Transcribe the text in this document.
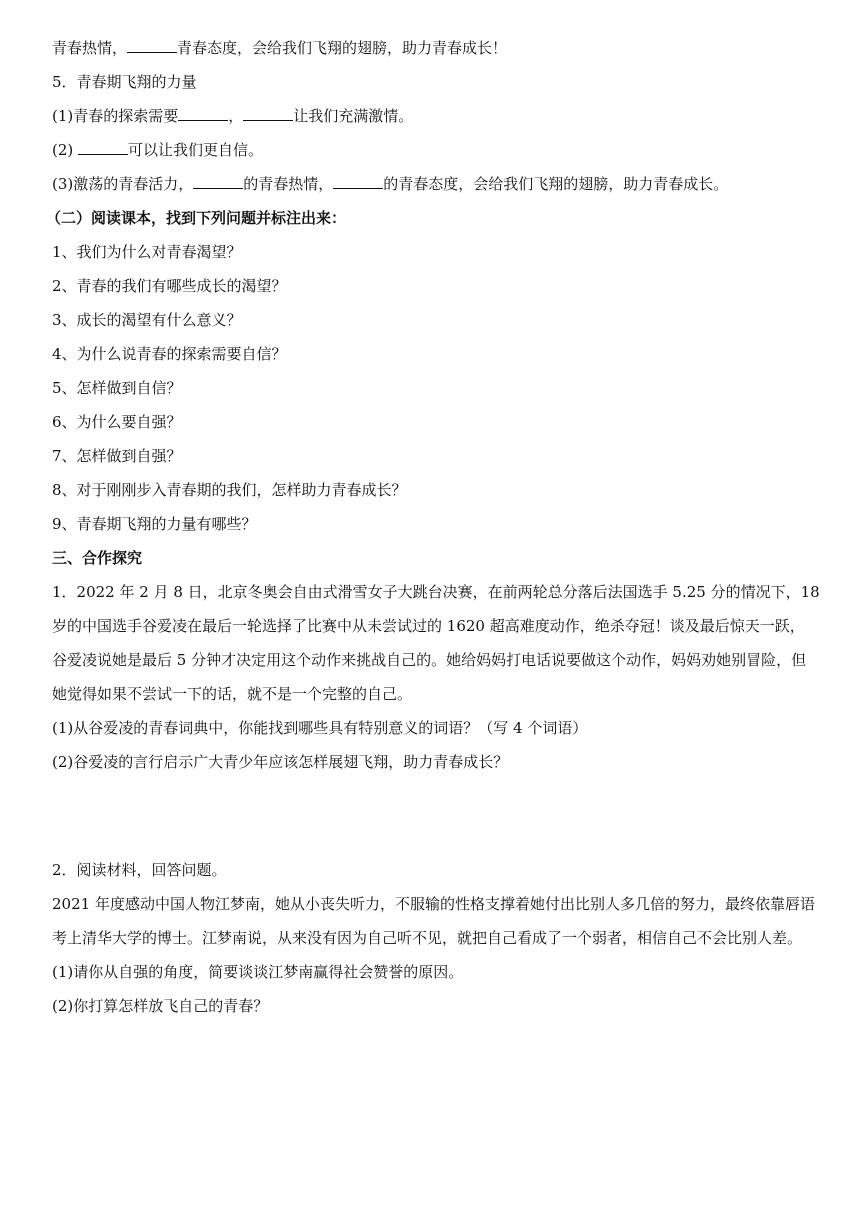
青春热情，	青春态度，会给我们飞翔的翅膀，助力青春成长！
5．青春期飞翔的力量
(1)青春的探索需要	，	让我们充满激情。
(2)	可以让我们更自信。
(3)激荡的青春活力，	的青春热情，	的青春态度，会给我们飞翔的翅膀，助力青春成长。
（二）阅读课本，找到下列问题并标注出来：
1、我们为什么对青春渴望？
2、青春的我们有哪些成长的渴望？
3、成长的渴望有什么意义？
4、为什么说青春的探索需要自信？
5、怎样做到自信？
6、为什么要自强？
7、怎样做到自强？
8、对于刚刚步入青春期的我们，怎样助力青春成长？
9、青春期飞翔的力量有哪些？
三、合作探究
1．2022 年 2 月 8 日，北京冬奥会自由式滑雪女子大跳台决赛，在前两轮总分落后法国选手 5.25 分的情况下，18
岁的中国选手谷爱凌在最后一轮选择了比赛中从未尝试过的 1620 超高难度动作，绝杀夺冠！谈及最后惊天一跃，
谷爱凌说她是最后 5 分钟才决定用这个动作来挑战自己的。她给妈妈打电话说要做这个动作，妈妈劝她别冒险，但
她觉得如果不尝试一下的话，就不是一个完整的自己。
(1)从谷爱凌的青春词典中，你能找到哪些具有特别意义的词语？（写 4 个词语）
(2)谷爱凌的言行启示广大青少年应该怎样展翅飞翔，助力青春成长？
2．阅读材料，回答问题。
2021 年度感动中国人物江梦南，她从小丧失听力，不服输的性格支撑着她付出比别人多几倍的努力，最终依靠唇语
考上清华大学的博士。江梦南说，从来没有因为自己听不见，就把自己看成了一个弱者，相信自己不会比别人差。
(1)请你从自强的角度，简要谈谈江梦南赢得社会赞誉的原因。
(2)你打算怎样放飞自己的青春？
